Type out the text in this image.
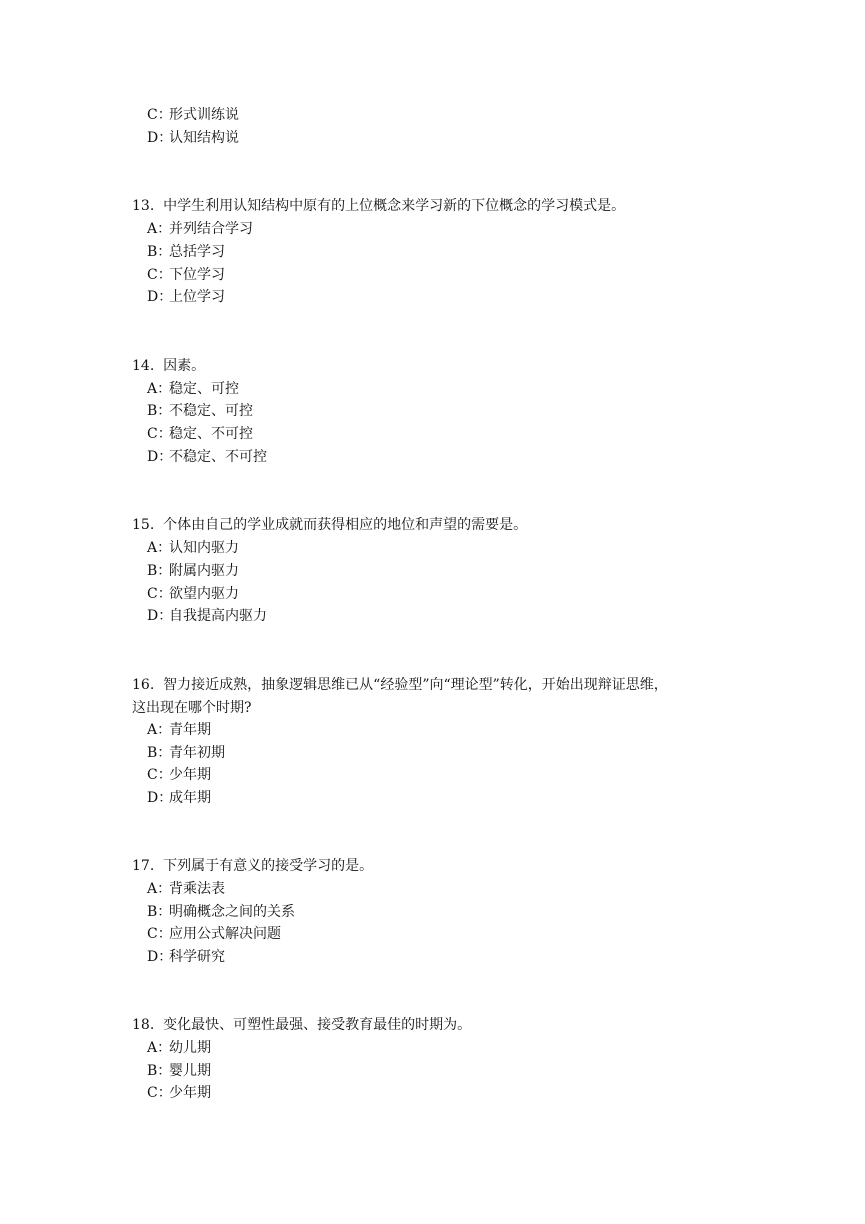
C：形式训练说
D：认知结构说
13.  中学生利用认知结构中原有的上位概念来学习新的下位概念的学习模式是。
A：并列结合学习
B：总括学习
C：下位学习
D：上位学习
14.  因素。
A：稳定、可控
B：不稳定、可控
C：稳定、不可控
D：不稳定、不可控
15.  个体由自己的学业成就而获得相应的地位和声望的需要是。
A：认知内驱力
B：附属内驱力
C：欲望内驱力
D：自我提高内驱力
16.  智力接近成熟，抽象逻辑思维已从“经验型”向“理论型”转化，开始出现辩证思维，
这出现在哪个时期?
A：青年期
B：青年初期
C：少年期
D：成年期
17.  下列属于有意义的接受学习的是。
A：背乘法表
B：明确概念之间的关系
C：应用公式解决问题
D：科学研究
18.  变化最快、可塑性最强、接受教育最佳的时期为。
A：幼儿期
B：婴儿期
C：少年期
